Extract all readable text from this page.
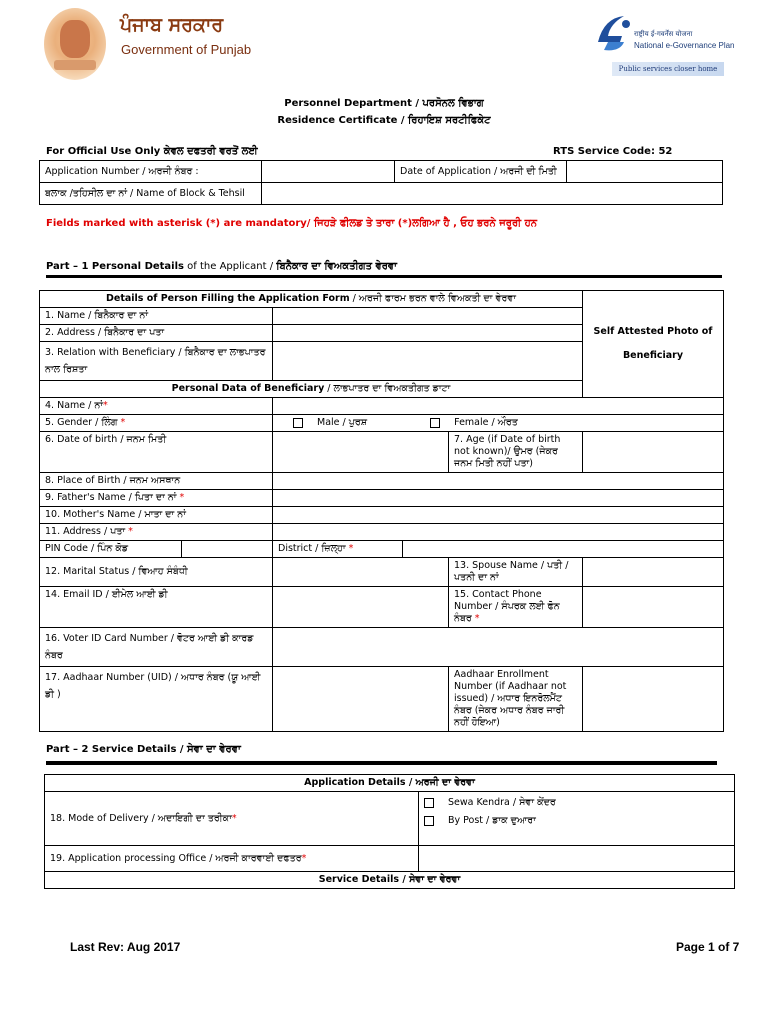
ਪੰਜਾਬ ਸਰਕਾਰ
Government of Punjab
राष्ट्रीय ई-गवर्नेंस योजना
National e-Governance Plan
Public services closer home
Personnel Department / ਪਰਸੋਨਲ ਵਿਭਾਗ
Residence Certificate / ਰਿਹਾਇਸ਼ ਸਰਟੀਫਿਕੇਟ
For Official Use Only ਕੇਵਲ ਦਫਤਰੀ ਵਰਤੋਂ ਲਈ	RTS Service Code: 52
Application Number / ਅਰਜੀ ਨੰਬਰ :		Date of Application / ਅਰਜੀ ਦੀ ਮਿਤੀ	
ਬਲਾਕ /ਤਹਿਸੀਲ ਦਾ ਨਾਂ / Name of Block & Tehsil			
Fields marked with asterisk (*) are mandatory/ ਜਿਹੜੇ ਫੀਲਡ ਤੇ ਤਾਰਾ (*)ਲਗਿਆ ਹੈ , ਓਹ ਭਰਨੇ ਜਰੂਰੀ ਹਨ
Part – 1 Personal Details of the Applicant / ਬਿਨੈਕਾਰ ਦਾ ਵਿਅਕਤੀਗਤ ਵੇਰਵਾ
Details of Person Filling the Application Form / ਅਰਜੀ ਫਾਰਮ ਭਰਨ ਵਾਲੇ ਵਿਅਕਤੀ ਦਾ ਵੇਰਵਾ					Self Attested Photo of
Beneficiary

1. Name / ਬਿਨੈਕਾਰ ਦਾ ਨਾਂ					
2. Address / ਬਿਨੈਕਾਰ ਦਾ ਪਤਾ					
3. Relation with Beneficiary / ਬਿਨੈਕਾਰ ਦਾ ਲਾਭਪਾਤਰ ਨਾਲ ਰਿਸ਼ਤਾ					
Personal Data of Beneficiary / ਲਾਭਪਾਤਰ ਦਾ ਵਿਅਕਤੀਗਤ ਡਾਟਾ					
4. Name / ਨਾਂ*					
5. Gender / ਲਿੰਗ *		Male / ਪੁਰਸ਼ Female / ਔਰਤ			
6. Date of birth / ਜਨਮ ਮਿਤੀ				7. Age (if Date of birth not known)/ ਉਮਰ (ਜੇਕਰ ਜਨਮ ਮਿਤੀ ਨਹੀਂ ਪਤਾ)	
8. Place of Birth / ਜਨਮ ਅਸਥਾਨ					
9. Father's Name / ਪਿਤਾ ਦਾ ਨਾਂ *					
10. Mother's Name / ਮਾਤਾ ਦਾ ਨਾਂ					
11. Address / ਪਤਾ *					
PIN Code / ਪਿੰਨ ਕੋਡ		District / ਜ਼ਿਲ੍ਹਾ *			
12. Marital Status / ਵਿਆਹ ਸੰਬੰਧੀ				13. Spouse Name / ਪਤੀ / ਪਤਨੀ ਦਾ ਨਾਂ	
14. Email ID / ਈਮੇਲ ਆਈ ਡੀ				15. Contact Phone Number / ਸੰਪਰਕ ਲਈ ਫੋਨ ਨੰਬਰ *	
16. Voter ID Card Number / ਵੋਟਰ ਆਈ ਡੀ ਕਾਰਡ ਨੰਬਰ					
17. Aadhaar Number (UID) / ਅਧਾਰ ਨੰਬਰ (ਯੂ ਆਈ ਡੀ )				Aadhaar Enrollment Number (if Aadhaar not issued) / ਅਧਾਰ ਇਨਰੋਲਮੈਂਟ ਨੰਬਰ (ਜੇਕਰ ਅਧਾਰ ਨੰਬਰ ਜਾਰੀ ਨਹੀਂ ਹੋਇਆ)	
Part – 2 Service Details / ਸੇਵਾ ਦਾ ਵੇਰਵਾ
Application Details / ਅਰਜੀ ਦਾ ਵੇਰਵਾ	
18. Mode of Delivery / ਅਦਾਇਗੀ ਦਾ ਤਰੀਕਾ*	Sewa Kendra / ਸੇਵਾ ਕੇਂਦਰ
By Post / ਡਾਕ ਦੁਆਰਾ

19. Application processing Office / ਅਰਜੀ ਕਾਰਵਾਈ ਦਫਤਰ*	
Service Details / ਸੇਵਾ ਦਾ ਵੇਰਵਾ	
Last Rev: Aug 2017	Page 1 of 7
